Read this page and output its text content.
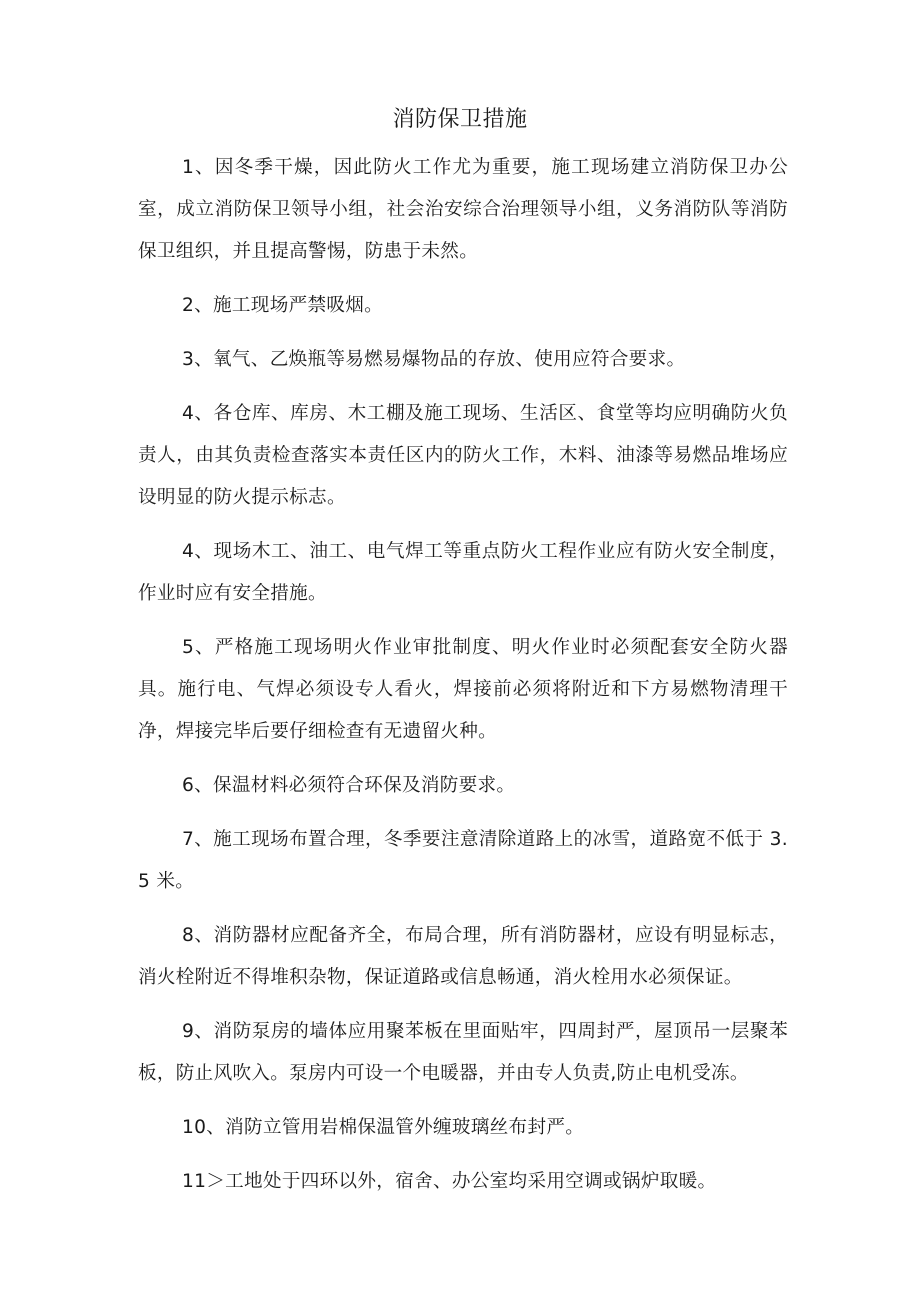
消防保卫措施

1、因冬季干燥，因此防火工作尤为重要，施工现场建立消防保卫办公室，成立消防保卫领导小组，社会治安综合治理领导小组，义务消防队等消防保卫组织，并且提高警惕，防患于未然。

2、施工现场严禁吸烟。

3、氧气、乙焕瓶等易燃易爆物品的存放、使用应符合要求。

4、各仓库、库房、木工棚及施工现场、生活区、食堂等均应明确防火负责人，由其负责检查落实本责任区内的防火工作，木料、油漆等易燃品堆场应设明显的防火提示标志。

4、现场木工、油工、电气焊工等重点防火工程作业应有防火安全制度，作业时应有安全措施。

5、严格施工现场明火作业审批制度、明火作业时必须配套安全防火器具。施行电、气焊必须设专人看火，焊接前必须将附近和下方易燃物清理干净，焊接完毕后要仔细检查有无遗留火种。

6、保温材料必须符合环保及消防要求。

7、施工现场布置合理，冬季要注意清除道路上的冰雪，道路宽不低于 3.5 米。

8、消防器材应配备齐全，布局合理，所有消防器材，应设有明显标志，消火栓附近不得堆积杂物，保证道路或信息畅通，消火栓用水必须保证。

9、消防泵房的墙体应用聚苯板在里面贴牢，四周封严，屋顶吊一层聚苯板，防止风吹入。泵房内可设一个电暖器，并由专人负责,防止电机受冻。

10、消防立管用岩棉保温管外缠玻璃丝布封严。

11＞工地处于四环以外，宿舍、办公室均采用空调或锅炉取暖。
